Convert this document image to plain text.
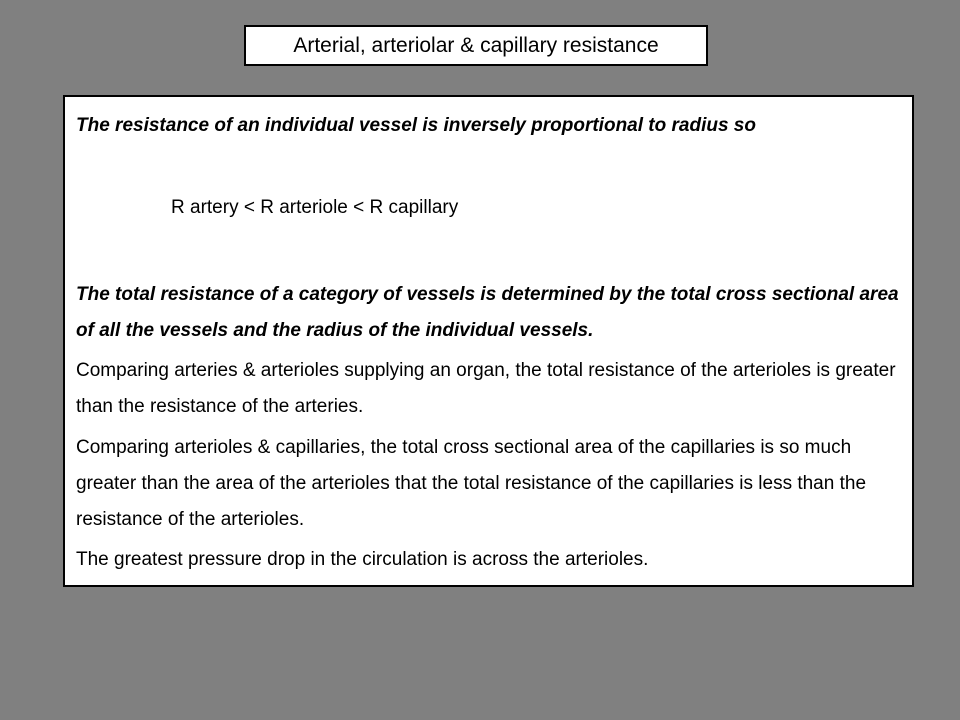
Arterial, arteriolar & capillary resistance

The resistance of an individual vessel is inversely proportional to radius so

R artery < R arteriole < R capillary

The total resistance of a category of vessels is determined by the total cross sectional area of all the vessels and the radius of the individual vessels.

Comparing arteries & arterioles supplying an organ, the total resistance of the arterioles is greater than the resistance of the arteries.

Comparing arterioles & capillaries, the total cross sectional area of the capillaries is so much greater than the area of the arterioles that the total resistance of the capillaries is less than the resistance of the arterioles.

The greatest pressure drop in the circulation is across the arterioles.
